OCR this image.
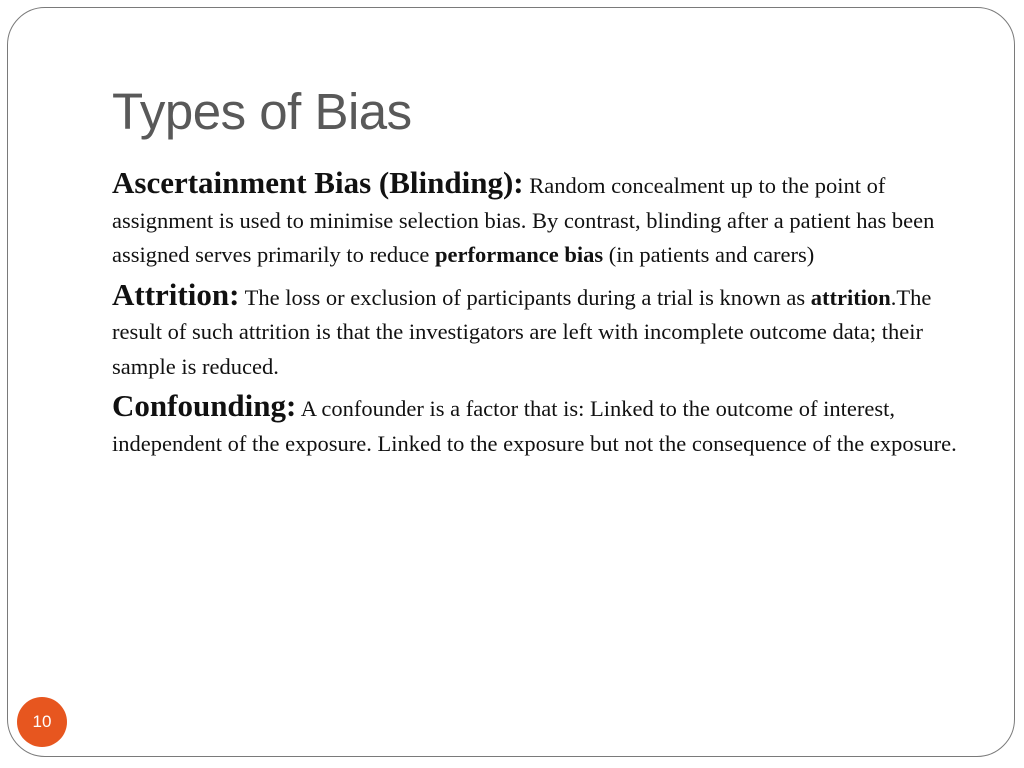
Types of Bias

Ascertainment Bias (Blinding): Random concealment up to the point of assignment is used to minimise selection bias. By contrast, blinding after a patient has been assigned serves primarily to reduce performance bias (in patients and carers)

Attrition: The loss or exclusion of participants during a trial is known as attrition.The result of such attrition is that the investigators are left with incomplete outcome data; their sample is reduced.

Confounding: A confounder is a factor that is: Linked to the outcome of interest, independent of the exposure. Linked to the exposure but not the consequence of the exposure.

10
